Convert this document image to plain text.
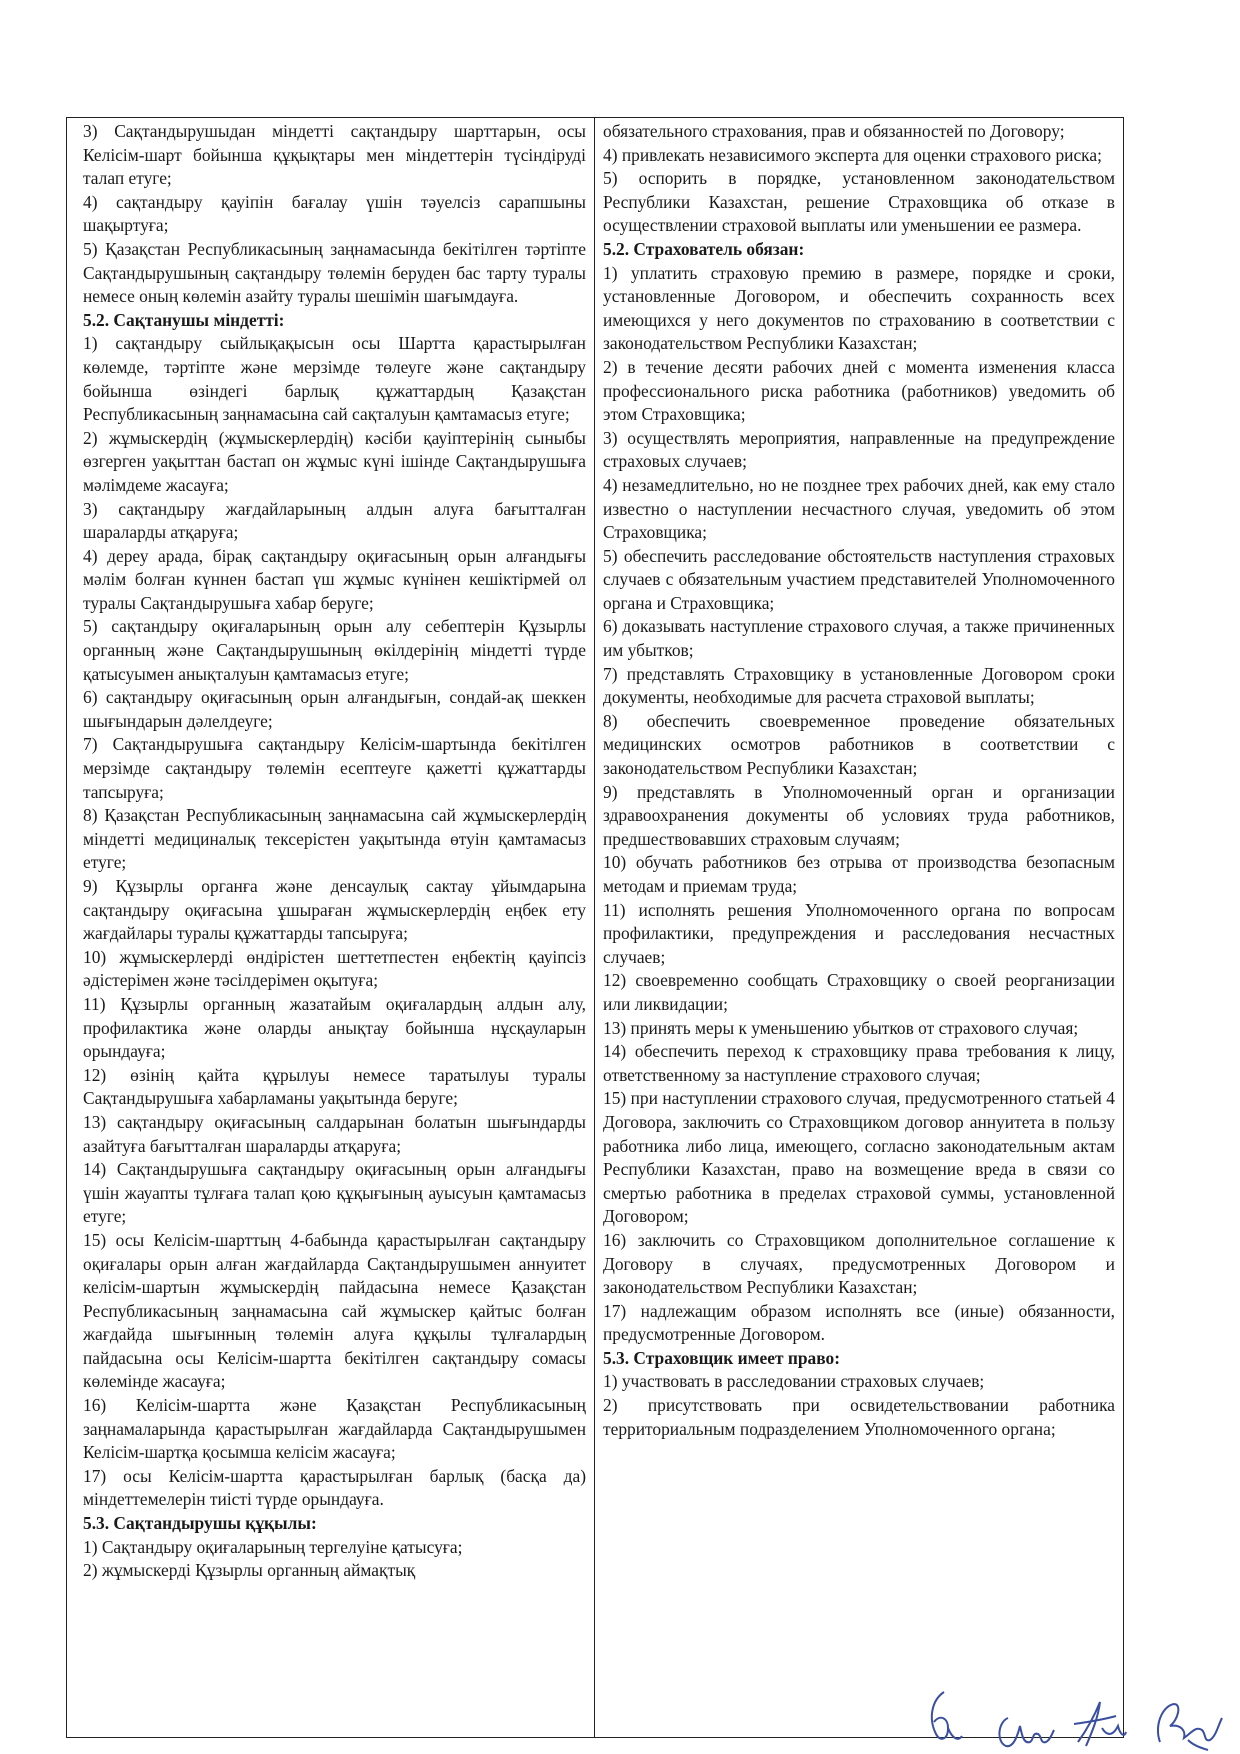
3) Сақтандырушыдан міндетті сақтандыру шарттарын, осы Келісім-шарт бойынша құқықтары мен міндеттерін түсіндіруді талап етуге;

4) сақтандыру қауіпін бағалау үшін тәуелсіз сарапшыны шақыртуға;

5) Қазақстан Республикасының заңнамасында бекітілген тәртіпте Сақтандырушының сақтандыру төлемін беруден бас тарту туралы немесе оның көлемін азайту туралы шешімін шағымдауға.

5.2. Сақтанушы міндетті:

1) сақтандыру сыйлықақысын осы Шартта қарастырылған көлемде, тәртіпте және мерзімде төлеуге және сақтандыру бойынша өзіндегі барлық құжаттардың Қазақстан Республикасының заңнамасына сай сақталуын қамтамасыз етуге;

2) жұмыскердің (жұмыскерлердің) кәсіби қауіптерінің сыныбы өзгерген уақыттан бастап он жұмыс күні ішінде Сақтандырушыға мәлімдеме жасауға;

3) сақтандыру жағдайларының алдын алуға бағытталған шараларды атқаруға;

4) дереу арада, бірақ сақтандыру оқиғасының орын алғандығы мәлім болған күннен бастап үш жұмыс күнінен кешіктірмей ол туралы Сақтандырушыға хабар беруге;

5) сақтандыру оқиғаларының орын алу себептерін Құзырлы органның және Сақтандырушының өкілдерінің міндетті түрде қатысуымен анықталуын қамтамасыз етуге;

6) сақтандыру оқиғасының орын алғандығын, сондай-ақ шеккен шығындарын дәлелдеуге;

7) Сақтандырушыға сақтандыру Келісім-шартында бекітілген мерзімде сақтандыру төлемін есептеуге қажетті құжаттарды тапсыруға;

8) Қазақстан Республикасының заңнамасына сай жұмыскерлердің міндетті медициналық тексерістен уақытында өтуін қамтамасыз етуге;

9) Құзырлы органға және денсаулық сактау ұйымдарына сақтандыру оқиғасына ұшыраған жұмыскерлердің еңбек ету жағдайлары туралы құжаттарды тапсыруға;

10) жұмыскерлерді өндірістен шеттетпестен еңбектің қауіпсіз әдістерімен және тәсілдерімен оқытуға;

11) Құзырлы органның жазатайым оқиғалардың алдын алу, профилактика және оларды анықтау бойынша нұсқауларын орындауға;

12) өзінің қайта құрылуы немесе таратылуы туралы Сақтандырушыға хабарламаны уақытында беруге;

13) сақтандыру оқиғасының салдарынан болатын шығындарды азайтуға бағытталған шараларды атқаруға;

14) Сақтандырушыға сақтандыру оқиғасының орын алғандығы үшін жауапты тұлғаға талап қою құқығының ауысуын қамтамасыз етуге;

15) осы Келісім-шарттың 4-бабында қарастырылған сақтандыру оқиғалары орын алған жағдайларда Сақтандырушымен аннуитет келісім-шартын жұмыскердің пайдасына немесе Қазақстан Республикасының заңнамасына сай жұмыскер қайтыс болған жағдайда шығынның төлемін алуға құқылы тұлғалардың пайдасына осы Келісім-шартта бекітілген сақтандыру сомасы көлемінде жасауға;

16) Келісім-шартта және Қазақстан Республикасының заңнамаларында қарастырылған жағдайларда Сақтандырушымен Келісім-шартқа қосымша келісім жасауға;

17) осы Келісім-шартта қарастырылған барлық (басқа да) міндеттемелерін тиісті түрде орындауға.

5.3. Сақтандырушы құқылы:

1) Сақтандыру оқиғаларының тергелуіне қатысуға;

2) жұмыскерді Құзырлы органның аймақтық

обязательного страхования, прав и обязанностей по Договору;

4) привлекать независимого эксперта для оценки страхового риска;

5) оспорить в порядке, установленном законодательством Республики Казахстан, решение Страховщика об отказе в осуществлении страховой выплаты или уменьшении ее размера.

5.2. Страхователь обязан:

1) уплатить страховую премию в размере, порядке и сроки, установленные Договором, и обеспечить сохранность всех имеющихся у него документов по страхованию в соответствии с законодательством Республики Казахстан;

2) в течение десяти рабочих дней с момента изменения класса профессионального риска работника (работников) уведомить об этом Страховщика;

3) осуществлять мероприятия, направленные на предупреждение страховых случаев;

4) незамедлительно, но не позднее трех рабочих дней, как ему стало известно о наступлении несчастного случая, уведомить об этом Страховщика;

5) обеспечить расследование обстоятельств наступления страховых случаев с обязательным участием представителей Уполномоченного органа и Страховщика;

6) доказывать наступление страхового случая, а также причиненных им убытков;

7) представлять Страховщику в установленные Договором сроки документы, необходимые для расчета страховой выплаты;

8) обеспечить своевременное проведение обязательных медицинских осмотров работников в соответствии с законодательством Республики Казахстан;

9) представлять в Уполномоченный орган и организации здравоохранения документы об условиях труда работников, предшествовавших страховым случаям;

10) обучать работников без отрыва от производства безопасным методам и приемам труда;

11) исполнять решения Уполномоченного органа по вопросам профилактики, предупреждения и расследования несчастных случаев;

12) своевременно сообщать Страховщику о своей реорганизации или ликвидации;

13) принять меры к уменьшению убытков от страхового случая;

14) обеспечить переход к страховщику права требования к лицу, ответственному за наступление страхового случая;

15) при наступлении страхового случая, предусмотренного статьей 4 Договора, заключить со Страховщиком договор аннуитета в пользу работника либо лица, имеющего, согласно законодательным актам Республики Казахстан, право на возмещение вреда в связи со смертью работника в пределах страховой суммы, установленной Договором;

16) заключить со Страховщиком дополнительное соглашение к Договору в случаях, предусмотренных Договором и законодательством Республики Казахстан;

17) надлежащим образом исполнять все (иные) обязанности, предусмотренные Договором.

5.3. Страховщик имеет право:

1) участвовать в расследовании страховых случаев;

2) присутствовать при освидетельствовании работника территориальным подразделением Уполномоченного органа;
